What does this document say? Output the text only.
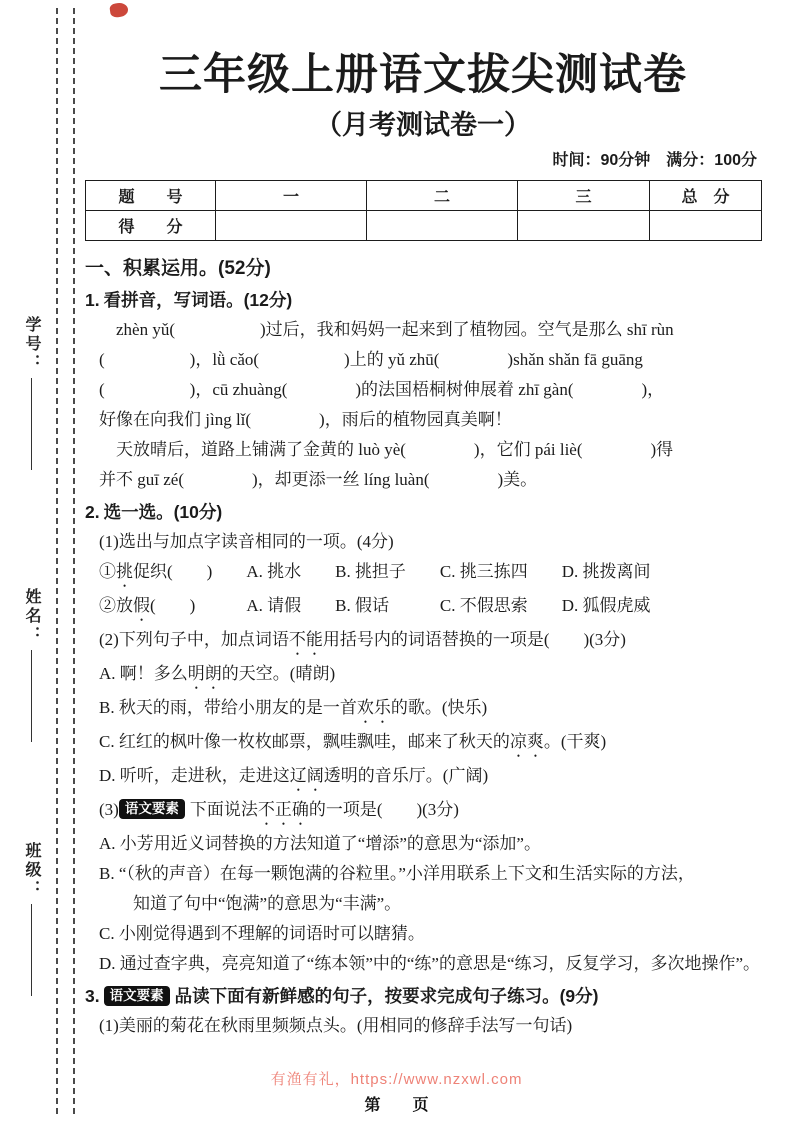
学号：
姓名：
班级：
三年级上册语文拔尖测试卷
（月考测试卷一）
时间：90分钟　满分：100分
题　　号	一	二	三	总　分
得　　分				
一、积累运用。(52分)
1. 看拼音，写词语。(12分)
　zhèn yǔ(　　　　　)过后，我和妈妈一起来到了植物园。空气是那么 shī rùn
(　　　　　)，lǜ cǎo(　　　　　)上的 yǔ zhū(　　　　)shǎn shǎn fā guāng
(　　　　　)，cū zhuàng(　　　　)的法国梧桐树伸展着 zhī gàn(　　　　)，
好像在向我们 jìng lǐ(　　　　)，雨后的植物园真美啊！
　天放晴后，道路上铺满了金黄的 luò yè(　　　　)，它们 pái liè(　　　　)得
并不 guī zé(　　　　)，却更添一丝 líng luàn(　　　　)美。
2. 选一选。(10分)
(1)选出与加点字读音相同的一项。(4分)
①挑促织(　　)　　A. 挑水　　B. 挑担子　　C. 挑三拣四　　D. 挑拨离间
②放假(　　)　　　A. 请假　　B. 假话　　　C. 不假思索　　D. 狐假虎威
(2)下列句子中，加点词语不能用括号内的词语替换的一项是(　　)(3分)
A. 啊！多么明朗的天空。(晴朗)
B. 秋天的雨，带给小朋友的是一首欢乐的歌。(快乐)
C. 红红的枫叶像一枚枚邮票，飘哇飘哇，邮来了秋天的凉爽。(干爽)
D. 听听，走进秋，走进这辽阔透明的音乐厅。(广阔)
(3) 语文要素 下面说法不正确的一项是(　　)(3分)
A. 小芳用近义词替换的方法知道了“增添”的意思为“添加”。
B. “（秋的声音）在每一颗饱满的谷粒里。”小洋用联系上下文和生活实际的方法，
　　知道了句中“饱满”的意思为“丰满”。
C. 小刚觉得遇到不理解的词语时可以瞎猜。
D. 通过查字典，亮亮知道了“练本领”中的“练”的意思是“练习，反复学习，多次地操作”。
3. 语文要素 品读下面有新鲜感的句子，按要求完成句子练习。(9分)
(1)美丽的菊花在秋雨里频频点头。(用相同的修辞手法写一句话)
有渔有礼，https://www.nzxwl.com
第　　页
